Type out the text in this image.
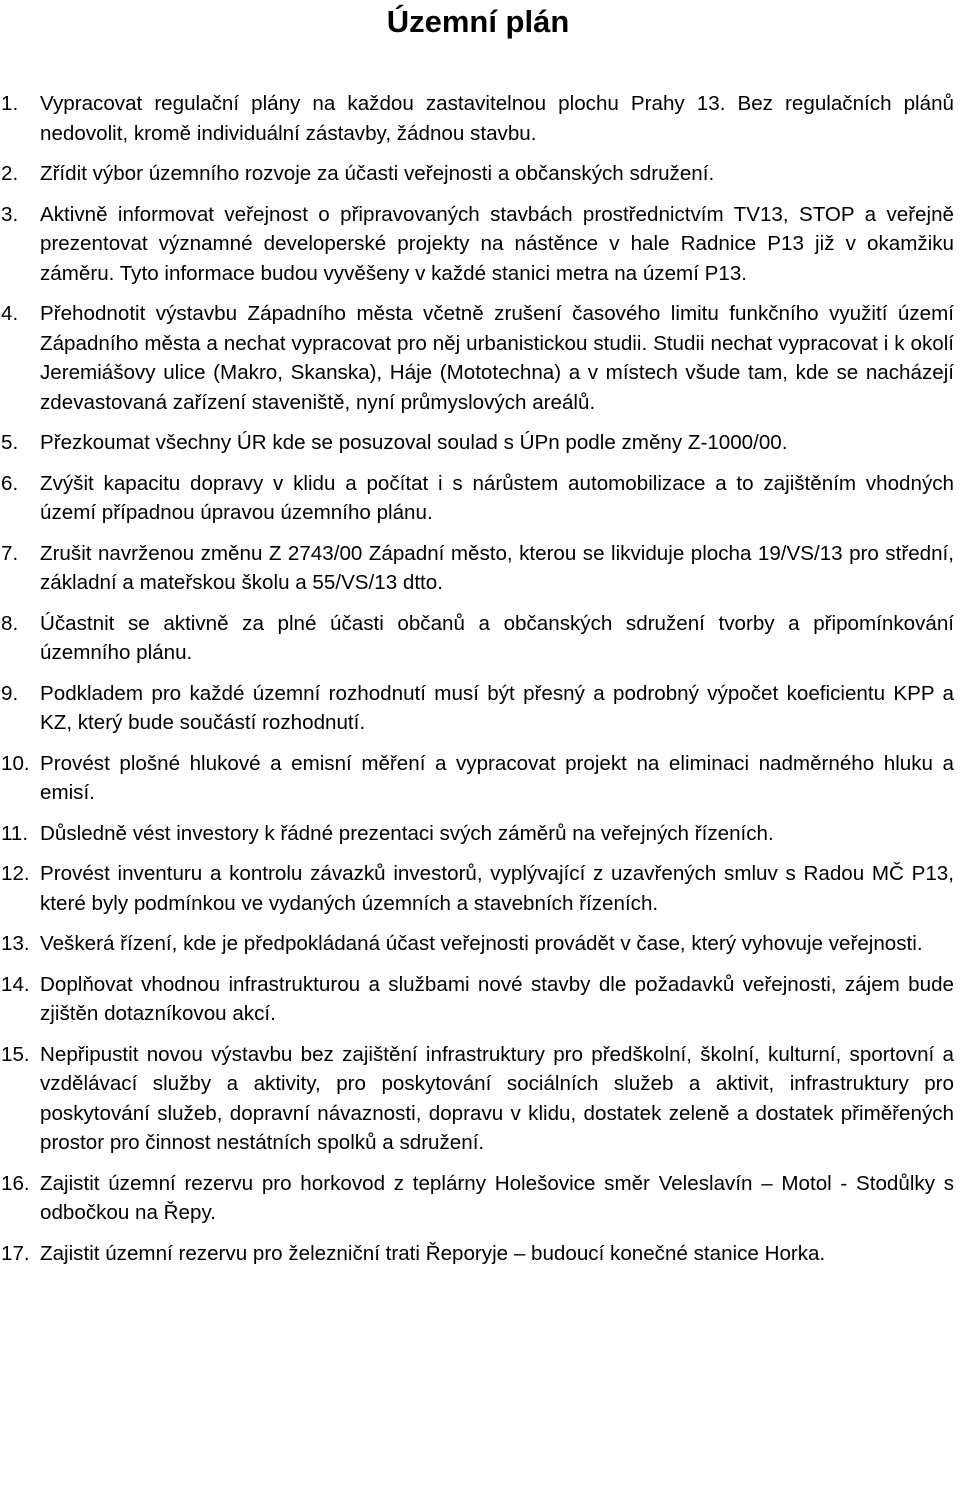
Územní plán
1.	Vypracovat regulační plány na každou zastavitelnou plochu Prahy 13. Bez regulačních plánů nedovolit, kromě individuální zástavby, žádnou stavbu.
2.	Zřídit výbor územního rozvoje za účasti veřejnosti a občanských sdružení.
3.	Aktivně informovat veřejnost o připravovaných stavbách prostřednictvím TV13, STOP a veřejně prezentovat významné developerské projekty na nástěnce v hale Radnice P13 již v okamžiku záměru. Tyto informace budou vyvěšeny v každé stanici metra na území P13.
4.	Přehodnotit výstavbu Západního města včetně zrušení časového limitu funkčního využití území Západního města a nechat vypracovat pro něj urbanistickou studii. Studii nechat vypracovat i k okolí Jeremiášovy ulice (Makro, Skanska), Háje (Mototechna) a v místech všude tam, kde se nacházejí zdevastovaná zařízení staveniště, nyní průmyslových areálů.
5.	Přezkoumat všechny ÚR kde se posuzoval soulad s ÚPn podle změny Z-1000/00.
6.	Zvýšit kapacitu dopravy v klidu a počítat i s nárůstem automobilizace a to zajištěním vhodných území případnou úpravou územního plánu.
7.	Zrušit navrženou změnu Z 2743/00 Západní město, kterou se likviduje plocha 19/VS/13 pro střední, základní a mateřskou školu a 55/VS/13 dtto.
8.	Účastnit se aktivně za plné účasti občanů a občanských sdružení tvorby a připomínkování územního plánu.
9.	Podkladem pro každé územní rozhodnutí musí být přesný a podrobný výpočet koeficientu KPP a KZ, který bude součástí rozhodnutí.
10. Provést plošné hlukové a emisní měření a vypracovat projekt na eliminaci nadměrného hluku a emisí.
11. Důsledně vést investory k řádné prezentaci svých záměrů na veřejných řízeních.
12. Provést inventuru a kontrolu závazků investorů, vyplývající z uzavřených smluv s Radou MČ P13, které byly podmínkou ve vydaných územních a stavebních řízeních.
13. Veškerá řízení, kde je předpokládaná účast veřejnosti provádět v čase, který vyhovuje veřejnosti.
14. Doplňovat vhodnou infrastrukturou a službami nové stavby dle požadavků veřejnosti, zájem bude zjištěn dotazníkovou akcí.
15. Nepřipustit novou výstavbu bez zajištění infrastruktury pro předškolní, školní, kulturní, sportovní a vzdělávací služby a aktivity, pro poskytování sociálních služeb a aktivit, infrastruktury pro poskytování služeb, dopravní návaznosti, dopravu v klidu, dostatek zeleně a dostatek přiměřených prostor pro činnost nestátních spolků a sdružení.
16. Zajistit územní rezervu pro horkovod z teplárny Holešovice směr Veleslavín – Motol - Stodůlky s odbočkou na Řepy.
17. Zajistit územní rezervu pro železniční trati Řeporyje – budoucí konečné stanice Horka.
